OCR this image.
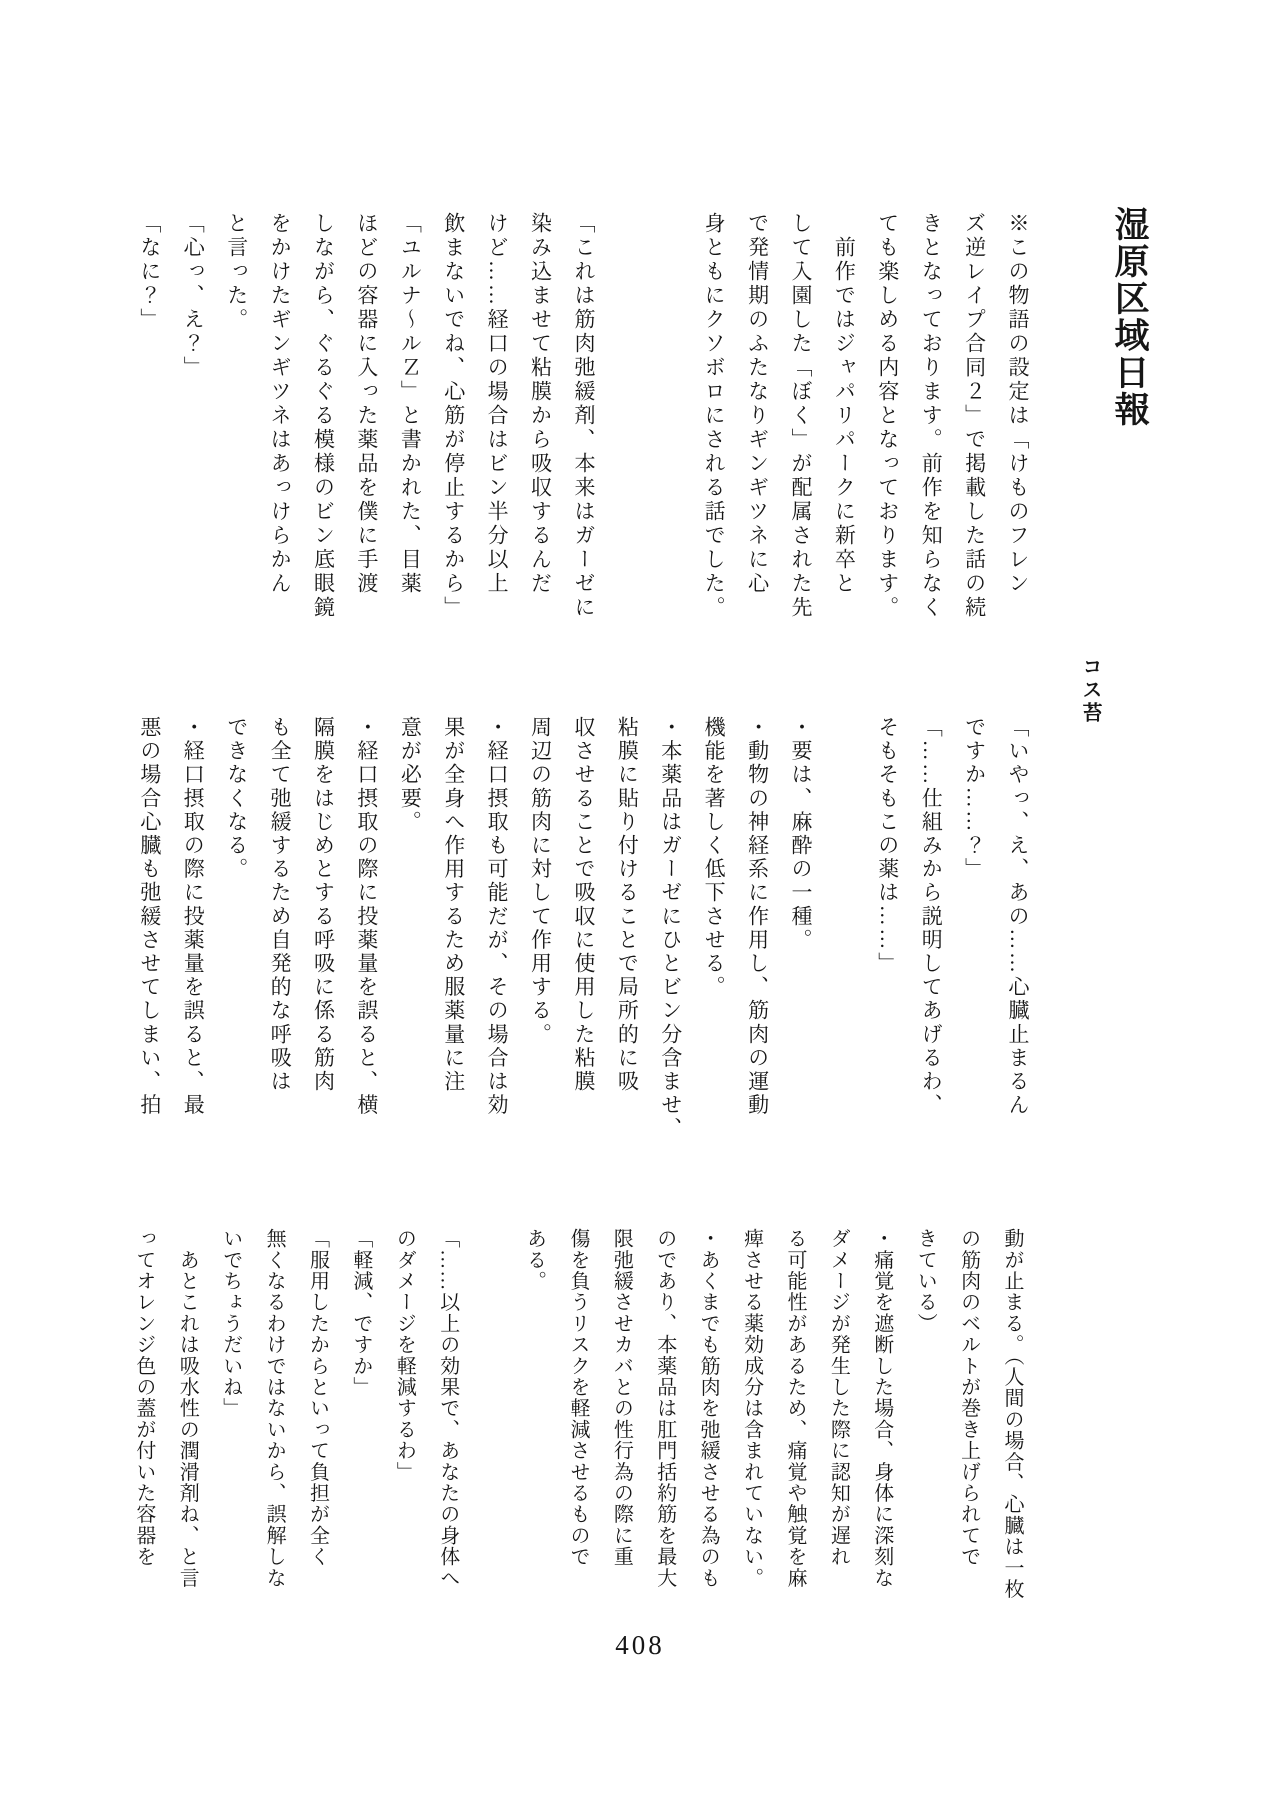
湿原区域日報
コス苔
※この物語の設定は「けものフレン
ズ逆レイプ合同２」で掲載した話の続
きとなっております。前作を知らなく
ても楽しめる内容となっております。
　前作ではジャパリパークに新卒と
して入園した「ぼく」が配属された先
で発情期のふたなりギンギツネに心
身ともにクソボロにされる話でした。

「これは筋肉弛緩剤、本来はガーゼに
染み込ませて粘膜から吸収するんだ
けど……経口の場合はビン半分以上
飲まないでね、心筋が停止するから」
「ユルナ〜ルＺ」と書かれた、目薬
ほどの容器に入った薬品を僕に手渡
しながら、ぐるぐる模様のビン底眼鏡
をかけたギンギツネはあっけらかん
と言った。
「心っ、え？」
「なに？」
「いやっ、え、あの……心臓止まるん
ですか……？」
「……仕組みから説明してあげるわ、
そもそもこの薬は……」

・要は、麻酔の一種。
・動物の神経系に作用し、筋肉の運動
機能を著しく低下させる。
・本薬品はガーゼにひとビン分含ませ、
粘膜に貼り付けることで局所的に吸
収させることで吸収に使用した粘膜
周辺の筋肉に対して作用する。
・経口摂取も可能だが、その場合は効
果が全身へ作用するため服薬量に注
意が必要。
・経口摂取の際に投薬量を誤ると、横
隔膜をはじめとする呼吸に係る筋肉
も全て弛緩するため自発的な呼吸は
できなくなる。
・経口摂取の際に投薬量を誤ると、最
悪の場合心臓も弛緩させてしまい、拍
動が止まる。（人間の場合、心臓は一枚
の筋肉のベルトが巻き上げられてで
きている）
・痛覚を遮断した場合、身体に深刻な
ダメージが発生した際に認知が遅れ
る可能性があるため、痛覚や触覚を麻
痺させる薬効成分は含まれていない。
・あくまでも筋肉を弛緩させる為のも
のであり、本薬品は肛門括約筋を最大
限弛緩させカバとの性行為の際に重
傷を負うリスクを軽減させるもので
ある。

「……以上の効果で、あなたの身体へ
のダメージを軽減するわ」
「軽減、ですか」
「服用したからといって負担が全く
無くなるわけではないから、誤解しな
いでちょうだいね」
　あとこれは吸水性の潤滑剤ね、と言
ってオレンジ色の蓋が付いた容器を
408
